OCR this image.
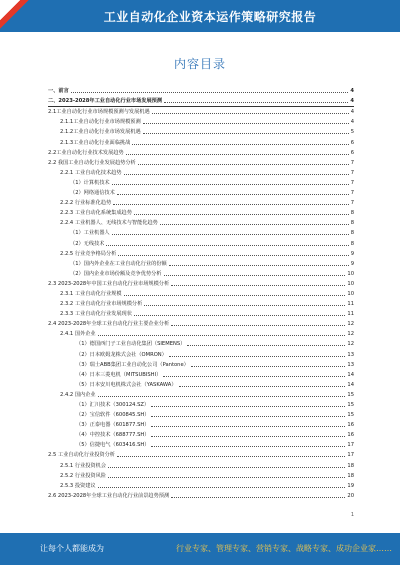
工业自动化企业资本运作策略研究报告
内容目录
一、前言	4
二、2023-2028年工业自动化行业市场发展预测	4
2.1工业自动化行业市场规模预测与发展机遇	4
2.1.1工业自动化行业市场规模预测	4
2.1.2工业自动化行业市场发展机遇	5
2.1.3工业自动化行业面临挑战	6
2.2工业自动化行业技术发展趋势	6
2.2 我国工业自动化行业发展趋势分析	7
2.2.1 工业自动化技术趋势	7
（1）计算机技术	7
（2）网络通信技术	7
2.2.2 行业标准化趋势	7
2.2.3 工业自动化系统集成趋势	8
2.2.4 工业机器人、无线技术与智能化趋势	8
（1）工业机器人	8
（2）无线技术	8
2.2.5 行业竞争格局分析	9
（1）国内外企业在工业自动化行业的份额	9
（2）国内企业市场份额及竞争优势分析	10
2.3 2023-2028年中国工业自动化行业市场规模分析	10
2.3.1 工业自动化行业规模	10
2.3.2 工业自动化行业市场规模分析	11
2.3.3 工业自动化行业发展现状	11
2.4 2023-2028年全球工业自动化行业主要企业分析	12
2.4.1 国外企业	12
（1）德国西门子工业自动化集团（SIEMENS）	12
（2）日本欧姆龙株式会社（OMRON）	13
（3）瑞士ABB集团工业自动化公司（Pantone）	13
（4）日本三菱电机（MITSUBISHI）	14
（5）日本安川电机株式会社（YASKAWA）	14
2.4.2 国内企业	15
（1）汇川技术（300124.SZ）	15
（2）宝信软件（600845.SH）	15
（3）正泰电器（601877.SH）	16
（4）中控技术（688777.SH）	16
（5）信捷电气（603416.SH）	17
2.5 工业自动化行业投资分析	17
2.5.1 行业投资机会	18
2.5.2 行业投资风险	18
2.5.3 投资建议	19
2.6 2023-2028年全球工业自动化行业前景趋势预测	20
1
让每个人都能成为	行业专家、管理专家、营销专家、战略专家、成功企业家……
